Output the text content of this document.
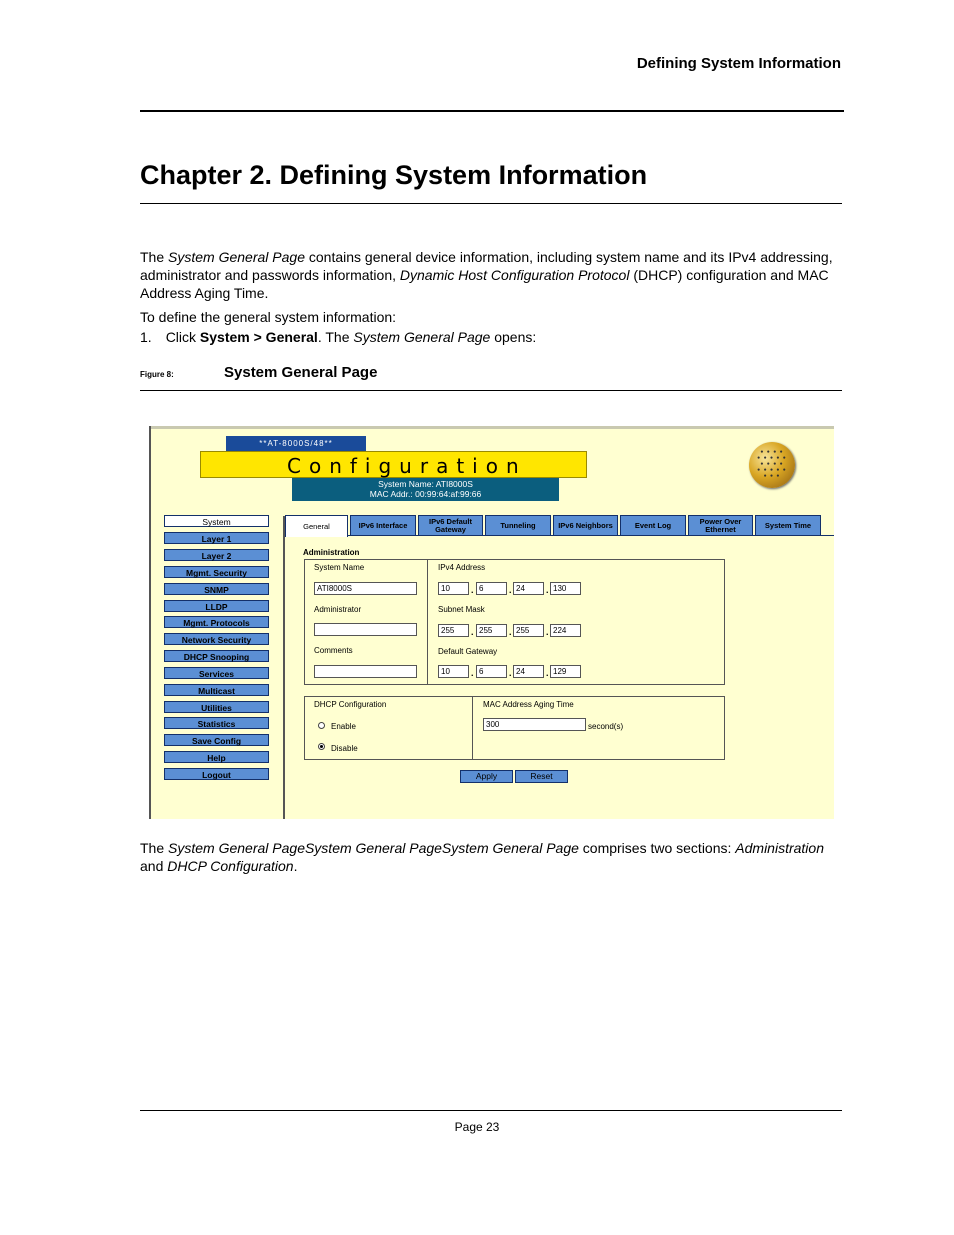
Defining System Information
Chapter 2. Defining System Information
The System General Page contains general device information, including system name and its IPv4 addressing, administrator and passwords information, Dynamic Host Configuration Protocol (DHCP) configuration and MAC Address Aging Time.
To define the general system information:
1. Click System > General. The System General Page opens:
Figure 8:	System General Page
**AT-8000S/48**
Configuration
System Name: ATI8000S
MAC Addr.: 00:99:64:af:99:66
● ● ● ●
● ● ● ● ●
● ● ● ●
● ● ● ● ●
● ● ●
System
Layer 1
Layer 2
Mgmt. Security
SNMP
LLDP
Mgmt. Protocols
Network Security
DHCP Snooping
Services
Multicast
Utilities
Statistics
Save Config
Help
Logout
General	IPv6 Interface	IPv6 Default Gateway	Tunneling	IPv6 Neighbors	Event Log	Power Over Ethernet	System Time
Administration
System Name
ATI8000S
Administrator
Comments
IPv4 Address
10	. 6	. 24	. 130
Subnet Mask
255	. 255	. 255	. 224
Default Gateway
10	. 6	. 24	. 129
DHCP Configuration
Enable
Disable
MAC Address Aging Time
300	second(s)
Apply	Reset
The System General PageSystem General PageSystem General Page comprises two sections: Administration and DHCP Configuration.
Page 23
